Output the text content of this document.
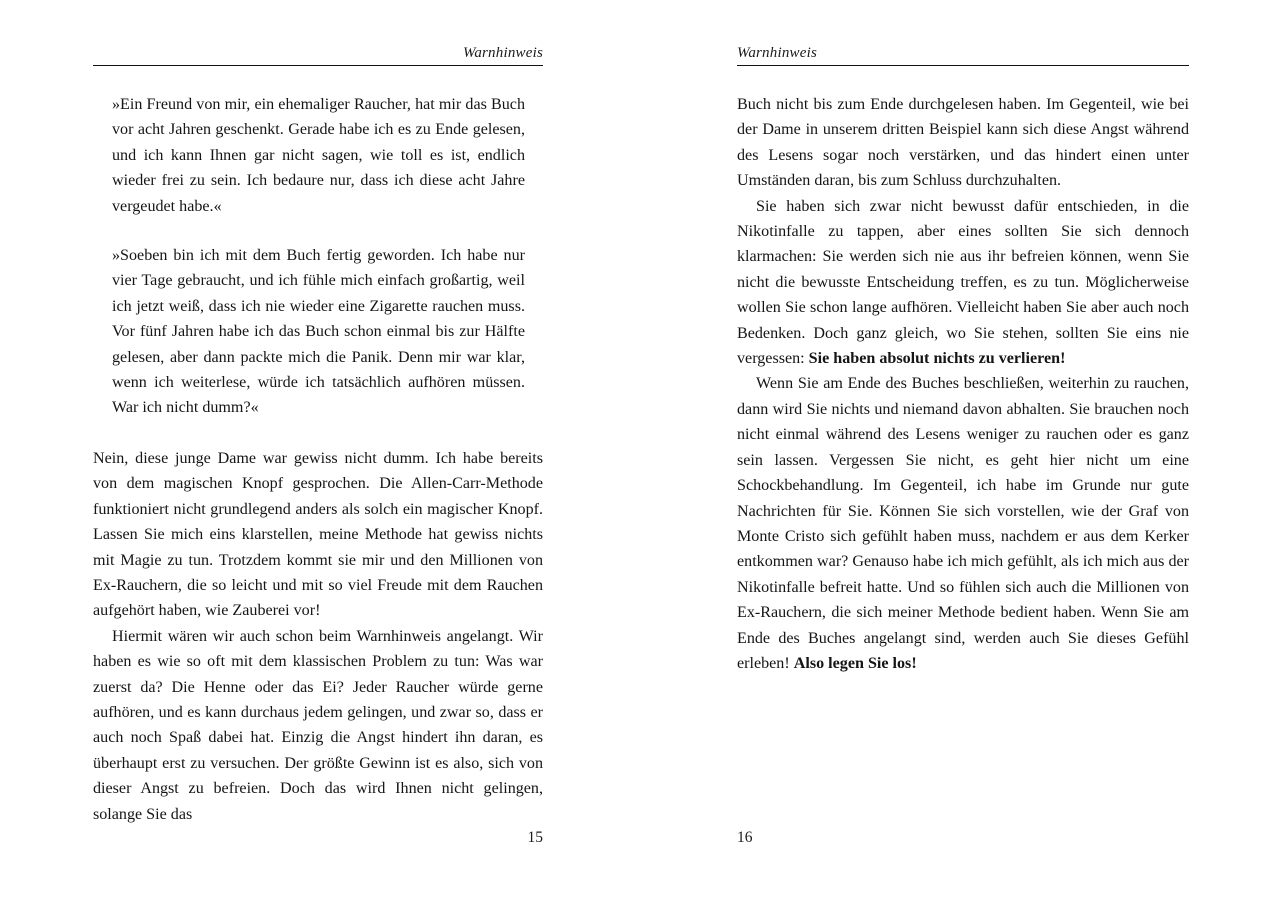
Warnhinweis

»Ein Freund von mir, ein ehemaliger Raucher, hat mir das Buch vor acht Jahren geschenkt. Gerade habe ich es zu Ende gelesen, und ich kann Ihnen gar nicht sagen, wie toll es ist, endlich wieder frei zu sein. Ich bedaure nur, dass ich diese acht Jahre vergeudet habe.«

»Soeben bin ich mit dem Buch fertig geworden. Ich habe nur vier Tage gebraucht, und ich fühle mich einfach großartig, weil ich jetzt weiß, dass ich nie wieder eine Zigarette rauchen muss. Vor fünf Jahren habe ich das Buch schon einmal bis zur Hälfte gelesen, aber dann packte mich die Panik. Denn mir war klar, wenn ich weiterlese, würde ich tatsächlich aufhören müssen. War ich nicht dumm?«

Nein, diese junge Dame war gewiss nicht dumm. Ich habe bereits von dem magischen Knopf gesprochen. Die Allen-Carr-Methode funktioniert nicht grundlegend anders als solch ein magischer Knopf. Lassen Sie mich eins klarstellen, meine Methode hat gewiss nichts mit Magie zu tun. Trotzdem kommt sie mir und den Millionen von Ex-Rauchern, die so leicht und mit so viel Freude mit dem Rauchen aufgehört haben, wie Zauberei vor!

Hiermit wären wir auch schon beim Warnhinweis angelangt. Wir haben es wie so oft mit dem klassischen Problem zu tun: Was war zuerst da? Die Henne oder das Ei? Jeder Raucher würde gerne aufhören, und es kann durchaus jedem gelingen, und zwar so, dass er auch noch Spaß dabei hat. Einzig die Angst hindert ihn daran, es überhaupt erst zu versuchen. Der größte Gewinn ist es also, sich von dieser Angst zu befreien. Doch das wird Ihnen nicht gelingen, solange Sie das

15
Warnhinweis

Buch nicht bis zum Ende durchgelesen haben. Im Gegenteil, wie bei der Dame in unserem dritten Beispiel kann sich diese Angst während des Lesens sogar noch verstärken, und das hindert einen unter Umständen daran, bis zum Schluss durchzuhalten.

Sie haben sich zwar nicht bewusst dafür entschieden, in die Nikotinfalle zu tappen, aber eines sollten Sie sich dennoch klarmachen: Sie werden sich nie aus ihr befreien können, wenn Sie nicht die bewusste Entscheidung treffen, es zu tun. Möglicherweise wollen Sie schon lange aufhören. Vielleicht haben Sie aber auch noch Bedenken. Doch ganz gleich, wo Sie stehen, sollten Sie eins nie vergessen: Sie haben absolut nichts zu verlieren!

Wenn Sie am Ende des Buches beschließen, weiterhin zu rauchen, dann wird Sie nichts und niemand davon abhalten. Sie brauchen noch nicht einmal während des Lesens weniger zu rauchen oder es ganz sein lassen. Vergessen Sie nicht, es geht hier nicht um eine Schockbehandlung. Im Gegenteil, ich habe im Grunde nur gute Nachrichten für Sie. Können Sie sich vorstellen, wie der Graf von Monte Cristo sich gefühlt haben muss, nachdem er aus dem Kerker entkommen war? Genauso habe ich mich gefühlt, als ich mich aus der Nikotinfalle befreit hatte. Und so fühlen sich auch die Millionen von Ex-Rauchern, die sich meiner Methode bedient haben. Wenn Sie am Ende des Buches angelangt sind, werden auch Sie dieses Gefühl erleben! Also legen Sie los!

16
